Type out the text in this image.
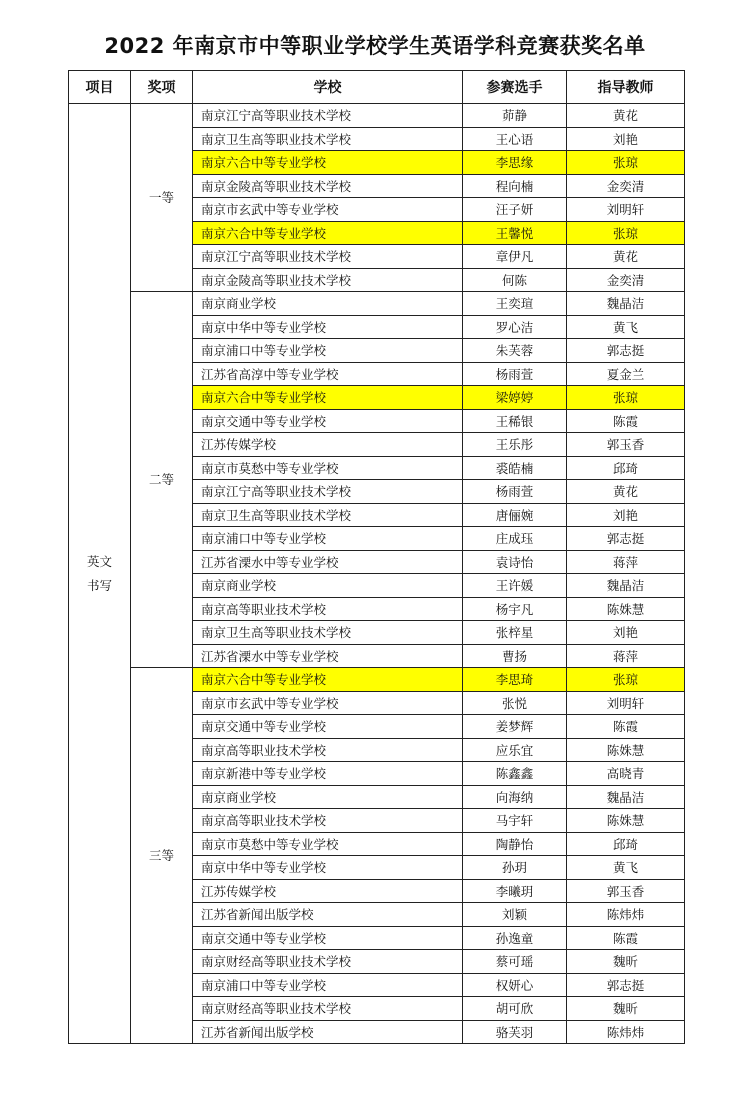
2022 年南京市中等职业学校学生英语学科竞赛获奖名单
项目	奖项	学校	参赛选手	指导教师
英文
书写	一等	南京江宁高等职业技术学校	茆静	黄花
		南京卫生高等职业技术学校	王心语	刘艳
		南京六合中等专业学校	李思缘	张琼
		南京金陵高等职业技术学校	程向楠	金奕清
		南京市玄武中等专业学校	汪子妍	刘明轩
		南京六合中等专业学校	王馨悦	张琼
		南京江宁高等职业技术学校	章伊凡	黄花
		南京金陵高等职业技术学校	何陈	金奕清
	二等	南京商业学校	王奕瑄	魏晶洁
		南京中华中等专业学校	罗心洁	黄飞
		南京浦口中等专业学校	朱芙蓉	郭志挺
		江苏省高淳中等专业学校	杨雨萱	夏金兰
		南京六合中等专业学校	梁婷婷	张琼
		南京交通中等专业学校	王稀银	陈霞
		江苏传媒学校	王乐彤	郭玉香
		南京市莫愁中等专业学校	裘皓楠	邱琦
		南京江宁高等职业技术学校	杨雨萱	黄花
		南京卫生高等职业技术学校	唐俪婉	刘艳
		南京浦口中等专业学校	庄成珏	郭志挺
		江苏省溧水中等专业学校	袁诗怡	蒋萍
		南京商业学校	王许媛	魏晶洁
		南京高等职业技术学校	杨宇凡	陈姝慧
		南京卫生高等职业技术学校	张梓星	刘艳
		江苏省溧水中等专业学校	曹扬	蒋萍
	三等	南京六合中等专业学校	李思琦	张琼
		南京市玄武中等专业学校	张悦	刘明轩
		南京交通中等专业学校	姜梦辉	陈霞
		南京高等职业技术学校	应乐宜	陈姝慧
		南京新港中等专业学校	陈鑫鑫	高晓青
		南京商业学校	向海纳	魏晶洁
		南京高等职业技术学校	马宇轩	陈姝慧
		南京市莫愁中等专业学校	陶静怡	邱琦
		南京中华中等专业学校	孙玥	黄飞
		江苏传媒学校	李曦玥	郭玉香
		江苏省新闻出版学校	刘颖	陈炜炜
		南京交通中等专业学校	孙逸童	陈霞
		南京财经高等职业技术学校	蔡可瑶	魏昕
		南京浦口中等专业学校	权妍心	郭志挺
		南京财经高等职业技术学校	胡可欣	魏昕
		江苏省新闻出版学校	骆芙羽	陈炜炜
